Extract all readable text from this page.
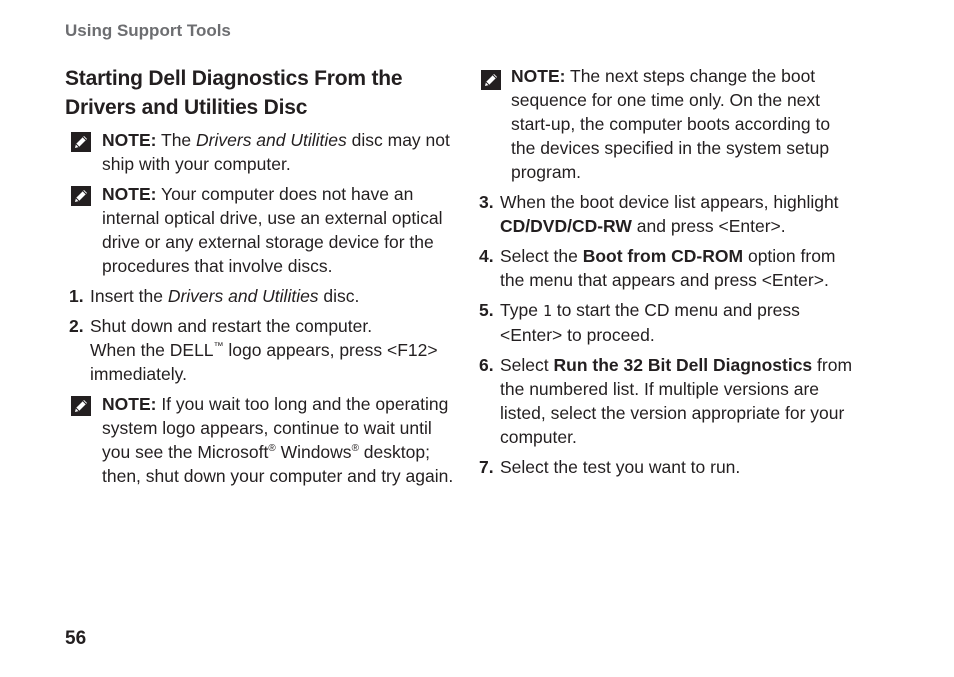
Using Support Tools
Starting Dell Diagnostics From the
Drivers and Utilities Disc
NOTE: The Drivers and Utilities disc may not ship with your computer.
NOTE: Your computer does not have an internal optical drive, use an external optical drive or any external storage device for the procedures that involve discs.
1. Insert the Drivers and Utilities disc.
2. Shut down and restart the computer.
When the DELL™ logo appears, press <F12> immediately.
NOTE: If you wait too long and the operating system logo appears, continue to wait until you see the Microsoft® Windows® desktop; then, shut down your computer and try again.
NOTE: The next steps change the boot sequence for one time only. On the next start-up, the computer boots according to the devices specified in the system setup program.
3. When the boot device list appears, highlight CD/DVD/CD-RW and press <Enter>.
4. Select the Boot from CD-ROM option from the menu that appears and press <Enter>.
5. Type 1 to start the CD menu and press <Enter> to proceed.
6. Select Run the 32 Bit Dell Diagnostics from the numbered list. If multiple versions are listed, select the version appropriate for your computer.
7. Select the test you want to run.
56
